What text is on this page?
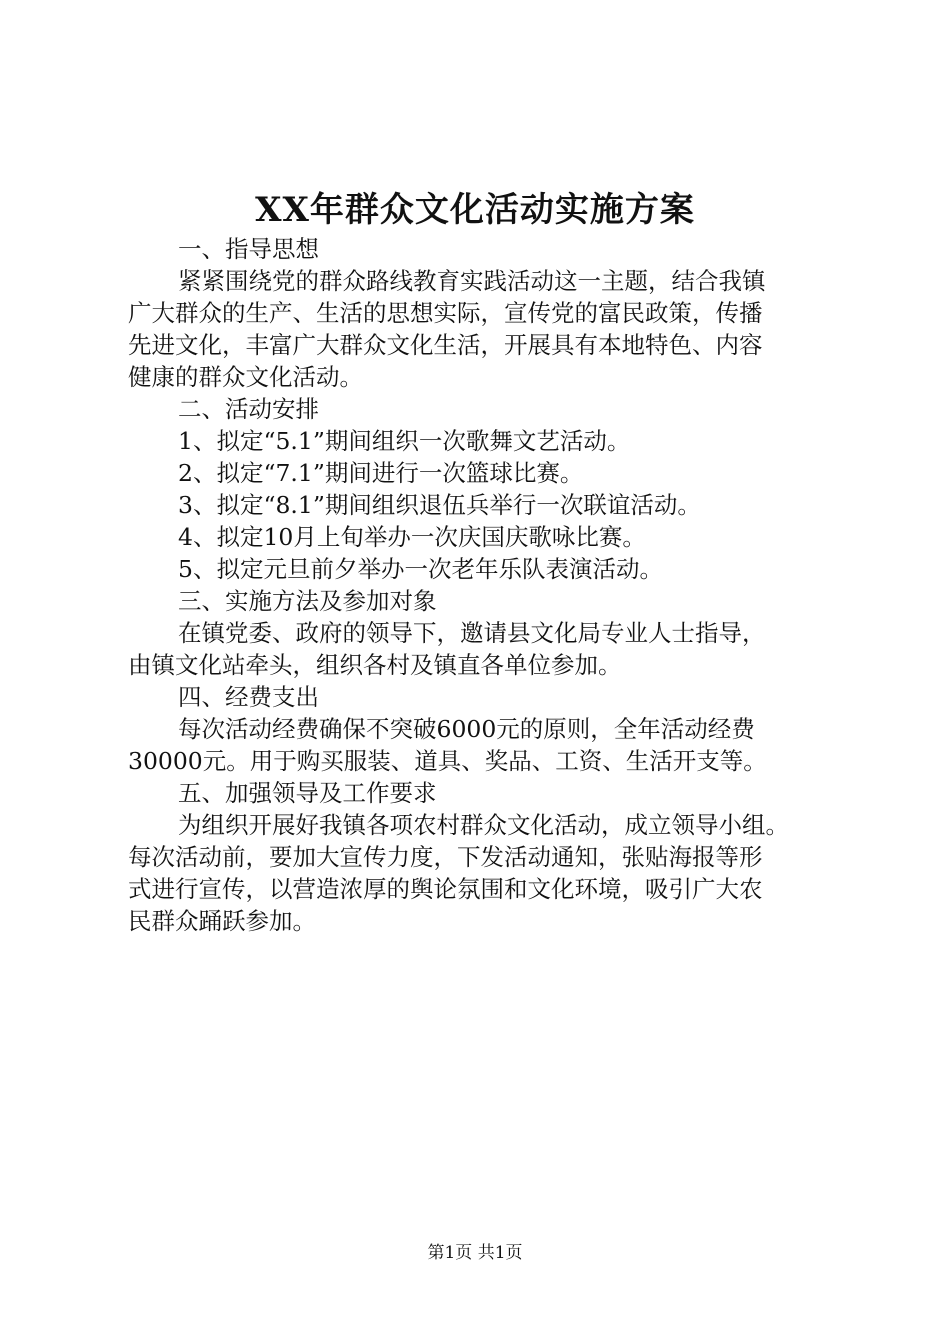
XX年群众文化活动实施方案
一、指导思想
紧紧围绕党的群众路线教育实践活动这一主题，结合我镇
广大群众的生产、生活的思想实际，宣传党的富民政策，传播
先进文化，丰富广大群众文化生活，开展具有本地特色、内容
健康的群众文化活动。
二、活动安排
1、拟定“5.1”期间组织一次歌舞文艺活动。
2、拟定“7.1”期间进行一次篮球比赛。
3、拟定“8.1”期间组织退伍兵举行一次联谊活动。
4、拟定10月上旬举办一次庆国庆歌咏比赛。
5、拟定元旦前夕举办一次老年乐队表演活动。
三、实施方法及参加对象
在镇党委、政府的领导下，邀请县文化局专业人士指导，
由镇文化站牵头，组织各村及镇直各单位参加。
四、经费支出
每次活动经费确保不突破6000元的原则，全年活动经费
30000元。用于购买服装、道具、奖品、工资、生活开支等。
五、加强领导及工作要求
为组织开展好我镇各项农村群众文化活动，成立领导小组。
每次活动前，要加大宣传力度，下发活动通知，张贴海报等形
式进行宣传，以营造浓厚的舆论氛围和文化环境，吸引广大农
民群众踊跃参加。
第1页 共1页
